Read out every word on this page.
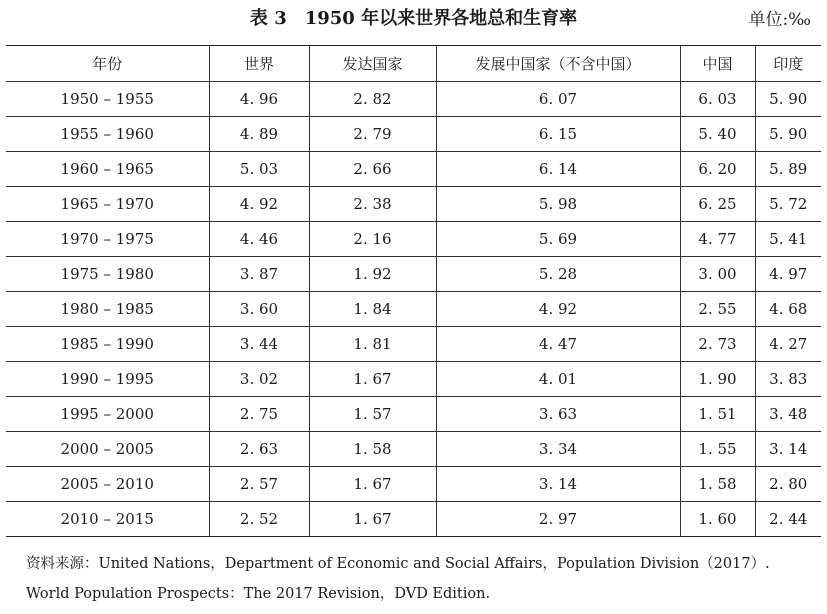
表 3　1950 年以来世界各地总和生育率	单位:‰
年份	世界	发达国家	发展中国家（不含中国）	中国	印度
1950 – 1955	4. 96	2. 82	6. 07	6. 03	5. 90
1955 – 1960	4. 89	2. 79	6. 15	5. 40	5. 90
1960 – 1965	5. 03	2. 66	6. 14	6. 20	5. 89
1965 – 1970	4. 92	2. 38	5. 98	6. 25	5. 72
1970 – 1975	4. 46	2. 16	5. 69	4. 77	5. 41
1975 – 1980	3. 87	1. 92	5. 28	3. 00	4. 97
1980 – 1985	3. 60	1. 84	4. 92	2. 55	4. 68
1985 – 1990	3. 44	1. 81	4. 47	2. 73	4. 27
1990 – 1995	3. 02	1. 67	4. 01	1. 90	3. 83
1995 – 2000	2. 75	1. 57	3. 63	1. 51	3. 48
2000 – 2005	2. 63	1. 58	3. 34	1. 55	3. 14
2005 – 2010	2. 57	1. 67	3. 14	1. 58	2. 80
2010 – 2015	2. 52	1. 67	2. 97	1. 60	2. 44

资料来源：United Nations，Department of Economic and Social Affairs，Population Division（2017）. World Population Prospects：The 2017 Revision，DVD Edition.
